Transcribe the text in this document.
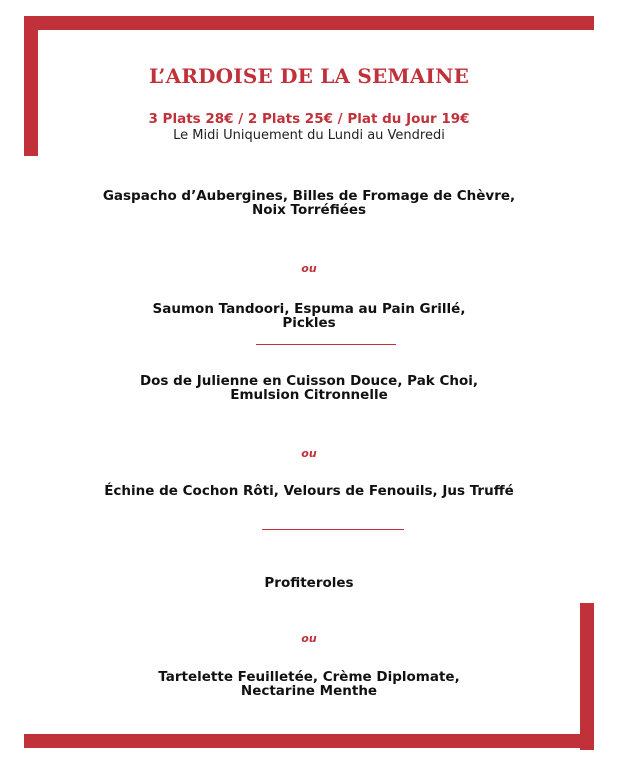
L’ARDOISE DE LA SEMAINE
3 Plats 28€ / 2 Plats 25€ / Plat du Jour 19€
Le Midi Uniquement du Lundi au Vendredi
Gaspacho d’Aubergines, Billes de Fromage de Chèvre,
Noix Torréfiées
ou
Saumon Tandoori, Espuma au Pain Grillé,
Pickles
Dos de Julienne en Cuisson Douce, Pak Choi,
Emulsion Citronnelle
ou
Échine de Cochon Rôti, Velours de Fenouils, Jus Truffé
Profiteroles
ou
Tartelette Feuilletée, Crème Diplomate,
Nectarine Menthe
